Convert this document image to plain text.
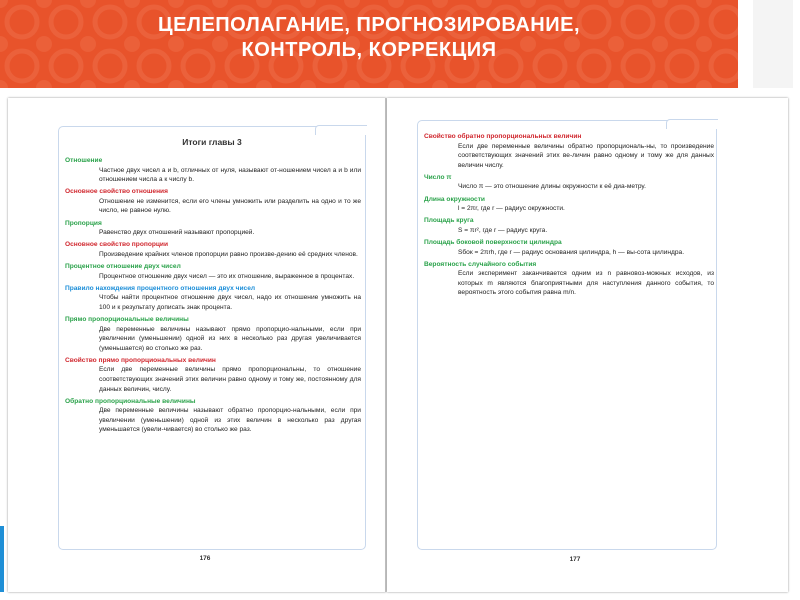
ЦЕЛЕПОЛАГАНИЕ, ПРОГНОЗИРОВАНИЕ,
КОНТРОЛЬ, КОРРЕКЦИЯ
Итоги главы 3
Отношение
Частное двух чисел a и b, отличных от нуля, называют от-ношением чисел a и b или отношением числа a к числу b.
Основное свойство отношения
Отношение не изменится, если его члены умножить или разделить на одно и то же число, не равное нулю.
Пропорция
Равенство двух отношений называют пропорцией.
Основное свойство пропорции
Произведение крайних членов пропорции равно произве-дению её средних членов.
Процентное отношение двух чисел
Процентное отношение двух чисел — это их отношение, выраженное в процентах.
Правило нахождения процентного отношения двух чисел
Чтобы найти процентное отношение двух чисел, надо их отношение умножить на 100 и к результату дописать знак процента.
Прямо пропорциональные величины
Две переменные величины называют прямо пропорцио-нальными, если при увеличении (уменьшении) одной из них в несколько раз другая увеличивается (уменьшается) во столько же раз.
Свойство прямо пропорциональных величин
Если две переменные величины прямо пропорциональны, то отношение соответствующих значений этих величин равно одному и тому же, постоянному для данных величин, числу.
Обратно пропорциональные величины
Две переменные величины называют обратно пропорцио-нальными, если при увеличении (уменьшении) одной из этих величин в несколько раз другая уменьшается (увели-чивается) во столько же раз.
176
Свойство обратно пропорциональных величин
Если две переменные величины обратно пропорциональ-ны, то произведение соответствующих значений этих ве-личин равно одному и тому же для данных величин числу.
Число π
Число π — это отношение длины окружности к её диа-метру.
Длина окружности
l = 2πr, где r — радиус окружности.
Площадь круга
S = πr², где r — радиус круга.
Площадь боковой поверхности цилиндра
Sбок = 2πrh, где r — радиус основания цилиндра, h — вы-сота цилиндра.
Вероятность случайного события
Если эксперимент заканчивается одним из n равновоз-можных исходов, из которых m являются благоприятными для наступления данного события, то вероятность этого события равна m/n.
177
